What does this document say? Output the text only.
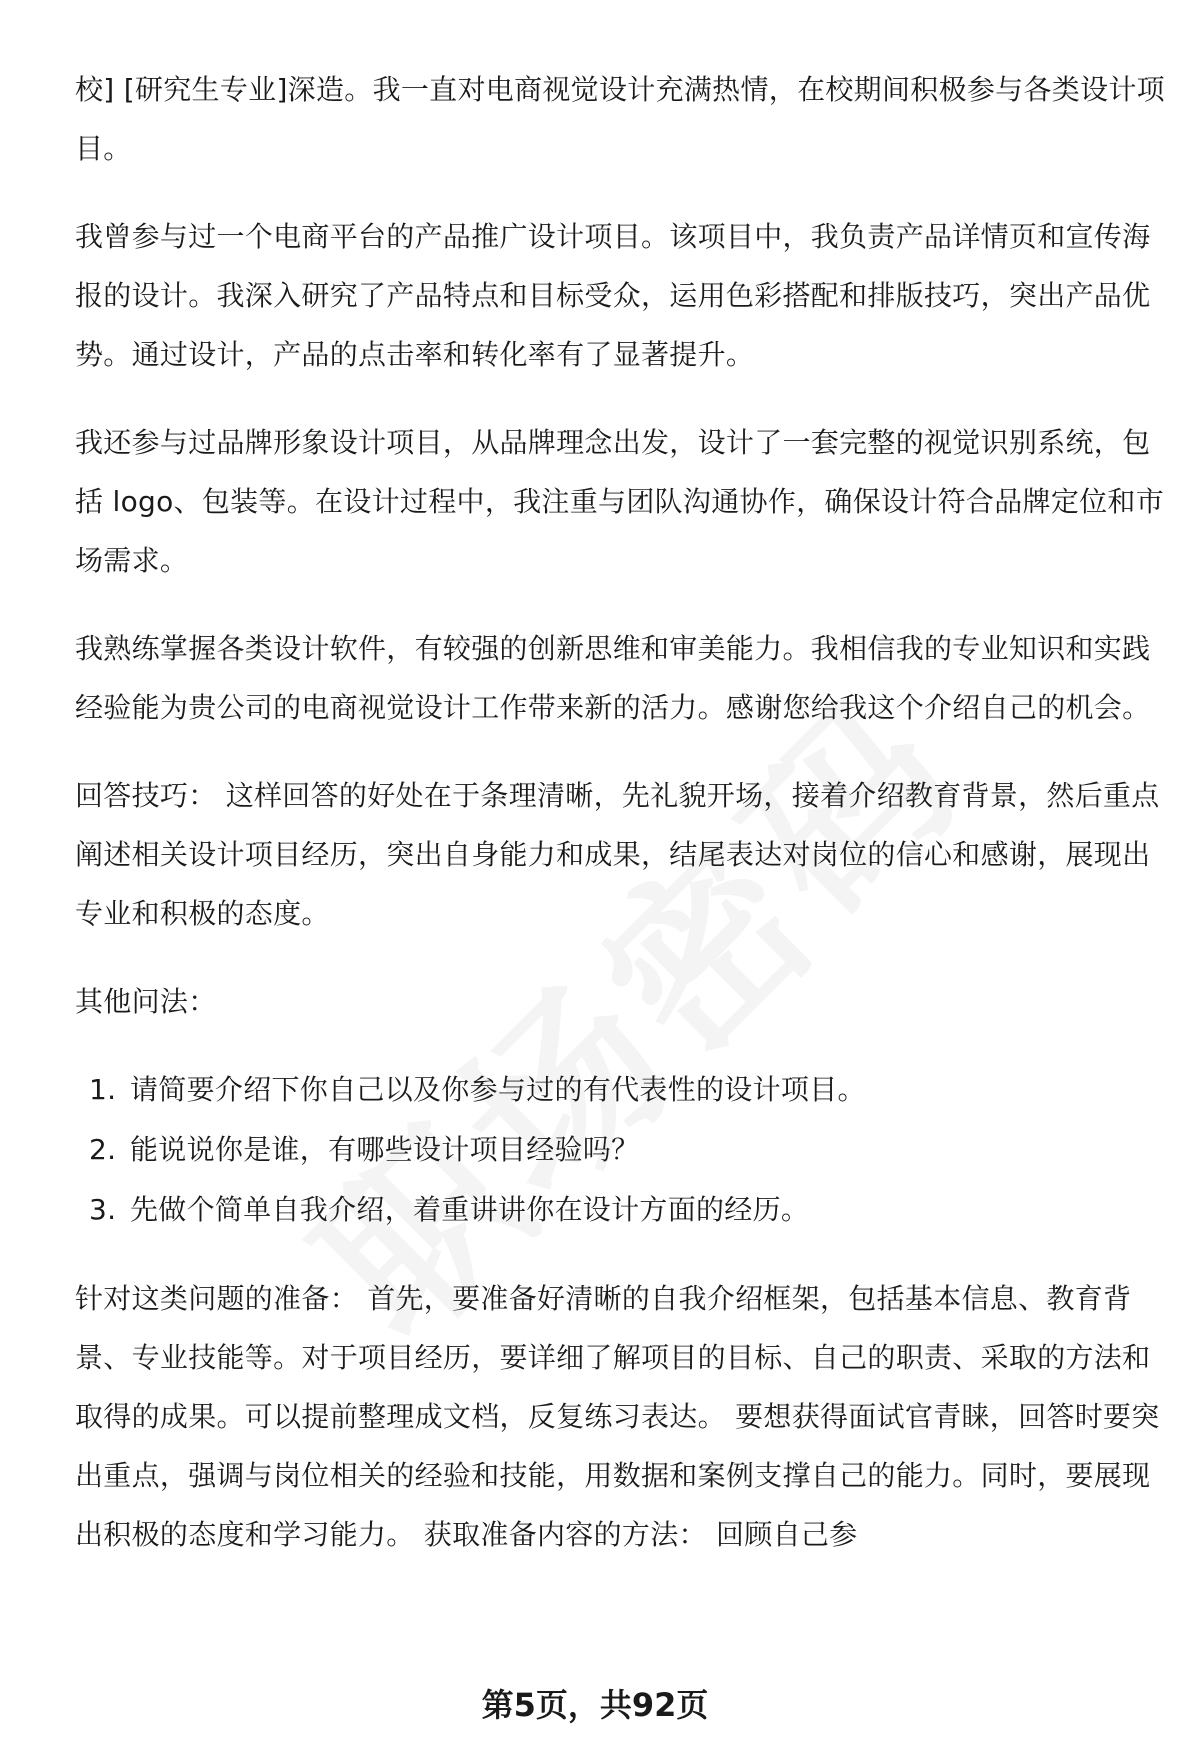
校] [研究生专业]深造。我一直对电商视觉设计充满热情，在校期间积极参与各类设计项目。

我曾参与过一个电商平台的产品推广设计项目。该项目中，我负责产品详情页和宣传海报的设计。我深入研究了产品特点和目标受众，运用色彩搭配和排版技巧，突出产品优势。通过设计，产品的点击率和转化率有了显著提升。

我还参与过品牌形象设计项目，从品牌理念出发，设计了一套完整的视觉识别系统，包括 logo、包装等。在设计过程中，我注重与团队沟通协作，确保设计符合品牌定位和市场需求。

我熟练掌握各类设计软件，有较强的创新思维和审美能力。我相信我的专业知识和实践经验能为贵公司的电商视觉设计工作带来新的活力。感谢您给我这个介绍自己的机会。

回答技巧： 这样回答的好处在于条理清晰，先礼貌开场，接着介绍教育背景，然后重点阐述相关设计项目经历，突出自身能力和成果，结尾表达对岗位的信心和感谢，展现出专业和积极的态度。

其他问法：

1. 请简要介绍下你自己以及你参与过的有代表性的设计项目。
2. 能说说你是谁，有哪些设计项目经验吗？
3. 先做个简单自我介绍，着重讲讲你在设计方面的经历。

针对这类问题的准备： 首先，要准备好清晰的自我介绍框架，包括基本信息、教育背景、专业技能等。对于项目经历，要详细了解项目的目标、自己的职责、采取的方法和取得的成果。可以提前整理成文档，反复练习表达。 要想获得面试官青睐，回答时要突出重点，强调与岗位相关的经验和技能，用数据和案例支撑自己的能力。同时，要展现出积极的态度和学习能力。 获取准备内容的方法： 回顾自己参

第5页，共92页
